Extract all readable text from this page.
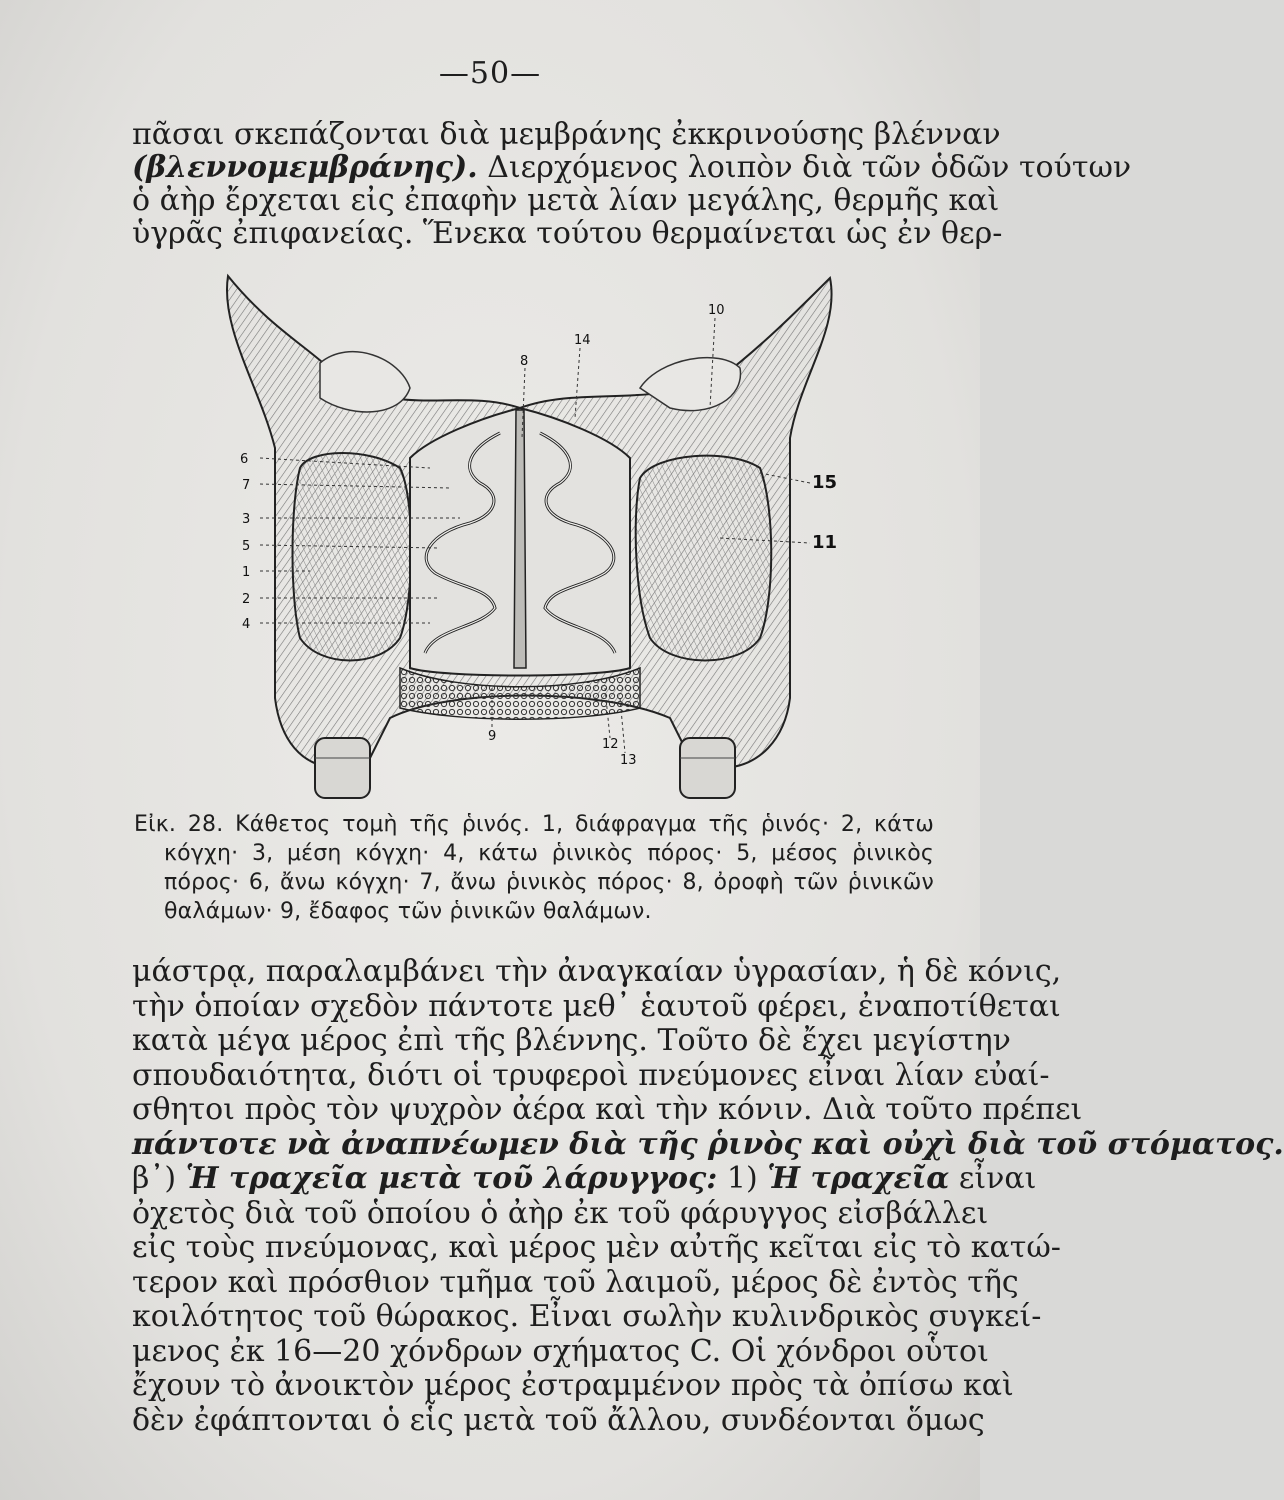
—50—
πᾶσαι σκεπάζονται διὰ μεμβράνης ἐκκρινούσης βλένναν
(βλεννομεμβράνης). Διερχόμενος λοιπὸν διὰ τῶν ὁδῶν τούτων
ὁ ἀὴρ ἔρχεται εἰς ἐπαφὴν μετὰ λίαν μεγάλης, θερμῆς καὶ
ὑγρᾶς ἐπιφανείας. Ἕνεκα τούτου θερμαίνεται ὡς ἐν θερ-
6
7
3
5
1
2
4
8
14
10
9
12
13
15
11
Εἰκ. 28. Κάθετος τομὴ τῆς ῥινός. 1, διάφραγμα τῆς ῥινός· 2, κάτω
κόγχη· 3, μέση κόγχη· 4, κάτω ῥινικὸς πόρος· 5, μέσος ῥινικὸς
πόρος· 6, ἄνω κόγχη· 7, ἄνω ῥινικὸς πόρος· 8, ὀροφὴ τῶν ῥινικῶν
θαλάμων· 9, ἔδαφος τῶν ῥινικῶν θαλάμων.
μάστρᾳ, παραλαμβάνει τὴν ἀναγκαίαν ὑγρασίαν, ἡ δὲ κόνις,
τὴν ὁποίαν σχεδὸν πάντοτε μεθ᾽ ἑαυτοῦ φέρει, ἐναποτίθεται
κατὰ μέγα μέρος ἐπὶ τῆς βλέννης. Τοῦτο δὲ ἔχει μεγίστην
σπουδαιότητα, διότι οἱ τρυφεροὶ πνεύμονες εἶναι λίαν εὐαί-
σθητοι πρὸς τὸν ψυχρὸν ἀέρα καὶ τὴν κόνιν. Διὰ τοῦτο πρέπει
πάντοτε νὰ ἀναπνέωμεν διὰ τῆς ῥινὸς καὶ οὐχὶ διὰ τοῦ στόματος.
β᾽) Ἡ τραχεῖα μετὰ τοῦ λάρυγγος: 1) Ἡ τραχεῖα εἶναι
ὀχετὸς διὰ τοῦ ὁποίου ὁ ἀὴρ ἐκ τοῦ φάρυγγος εἰσβάλλει
εἰς τοὺς πνεύμονας, καὶ μέρος μὲν αὐτῆς κεῖται εἰς τὸ κατώ-
τερον καὶ πρόσθιον τμῆμα τοῦ λαιμοῦ, μέρος δὲ ἐντὸς τῆς
κοιλότητος τοῦ θώρακος. Εἶναι σωλὴν κυλινδρικὸς συγκεί-
μενος ἐκ 16—20 χόνδρων σχήματος C. Οἱ χόνδροι οὗτοι
ἔχουν τὸ ἀνοικτὸν μέρος ἐστραμμένον πρὸς τὰ ὀπίσω καὶ
δὲν ἐφάπτονται ὁ εἷς μετὰ τοῦ ἄλλου, συνδέονται ὅμως
